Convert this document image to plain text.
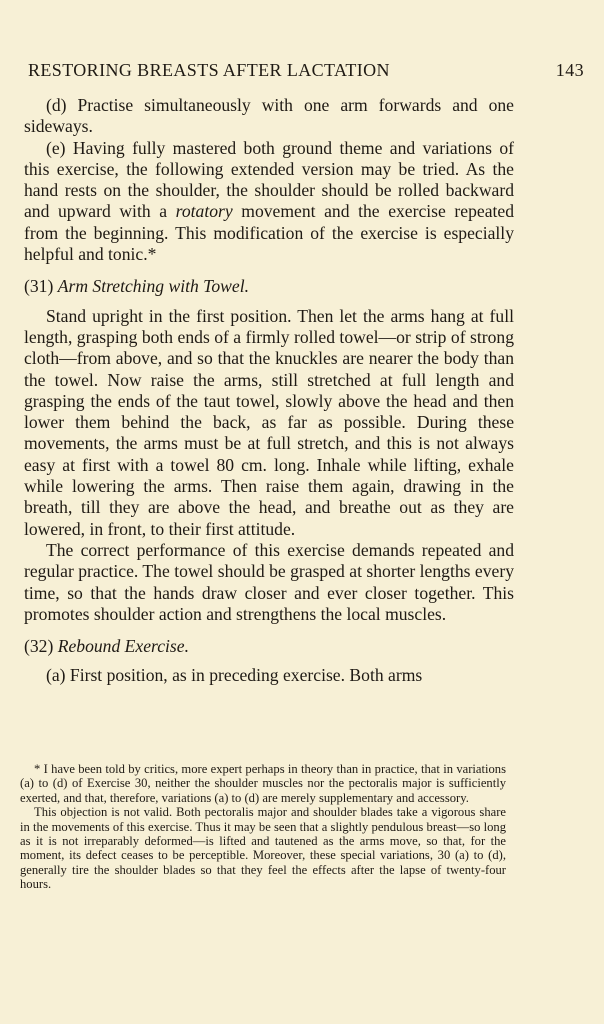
RESTORING BREASTS AFTER LACTATION	143

(d) Practise simultaneously with one arm forwards and one sideways.

(e) Having fully mastered both ground theme and variations of this exercise, the following extended version may be tried. As the hand rests on the shoulder, the shoulder should be rolled backward and upward with a rotatory movement and the exercise repeated from the beginning. This modification of the exercise is especially helpful and tonic.*

(31) Arm Stretching with Towel.

Stand upright in the first position. Then let the arms hang at full length, grasping both ends of a firmly rolled towel—or strip of strong cloth—from above, and so that the knuckles are nearer the body than the towel. Now raise the arms, still stretched at full length and grasping the ends of the taut towel, slowly above the head and then lower them behind the back, as far as possible. During these movements, the arms must be at full stretch, and this is not always easy at first with a towel 80 cm. long. Inhale while lifting, exhale while lowering the arms. Then raise them again, drawing in the breath, till they are above the head, and breathe out as they are lowered, in front, to their first attitude.

The correct performance of this exercise demands repeated and regular practice. The towel should be grasped at shorter lengths every time, so that the hands draw closer and ever closer together. This promotes shoulder action and strengthens the local muscles.

(32) Rebound Exercise.

(a) First position, as in preceding exercise. Both arms

* I have been told by critics, more expert perhaps in theory than in practice, that in variations (a) to (d) of Exercise 30, neither the shoulder muscles nor the pectoralis major is sufficiently exerted, and that, therefore, variations (a) to (d) are merely supplementary and accessory.

This objection is not valid. Both pectoralis major and shoulder blades take a vigorous share in the movements of this exercise. Thus it may be seen that a slightly pendulous breast—so long as it is not irreparably deformed—is lifted and tautened as the arms move, so that, for the moment, its defect ceases to be perceptible. Moreover, these special variations, 30 (a) to (d), generally tire the shoulder blades so that they feel the effects after the lapse of twenty-four hours.
